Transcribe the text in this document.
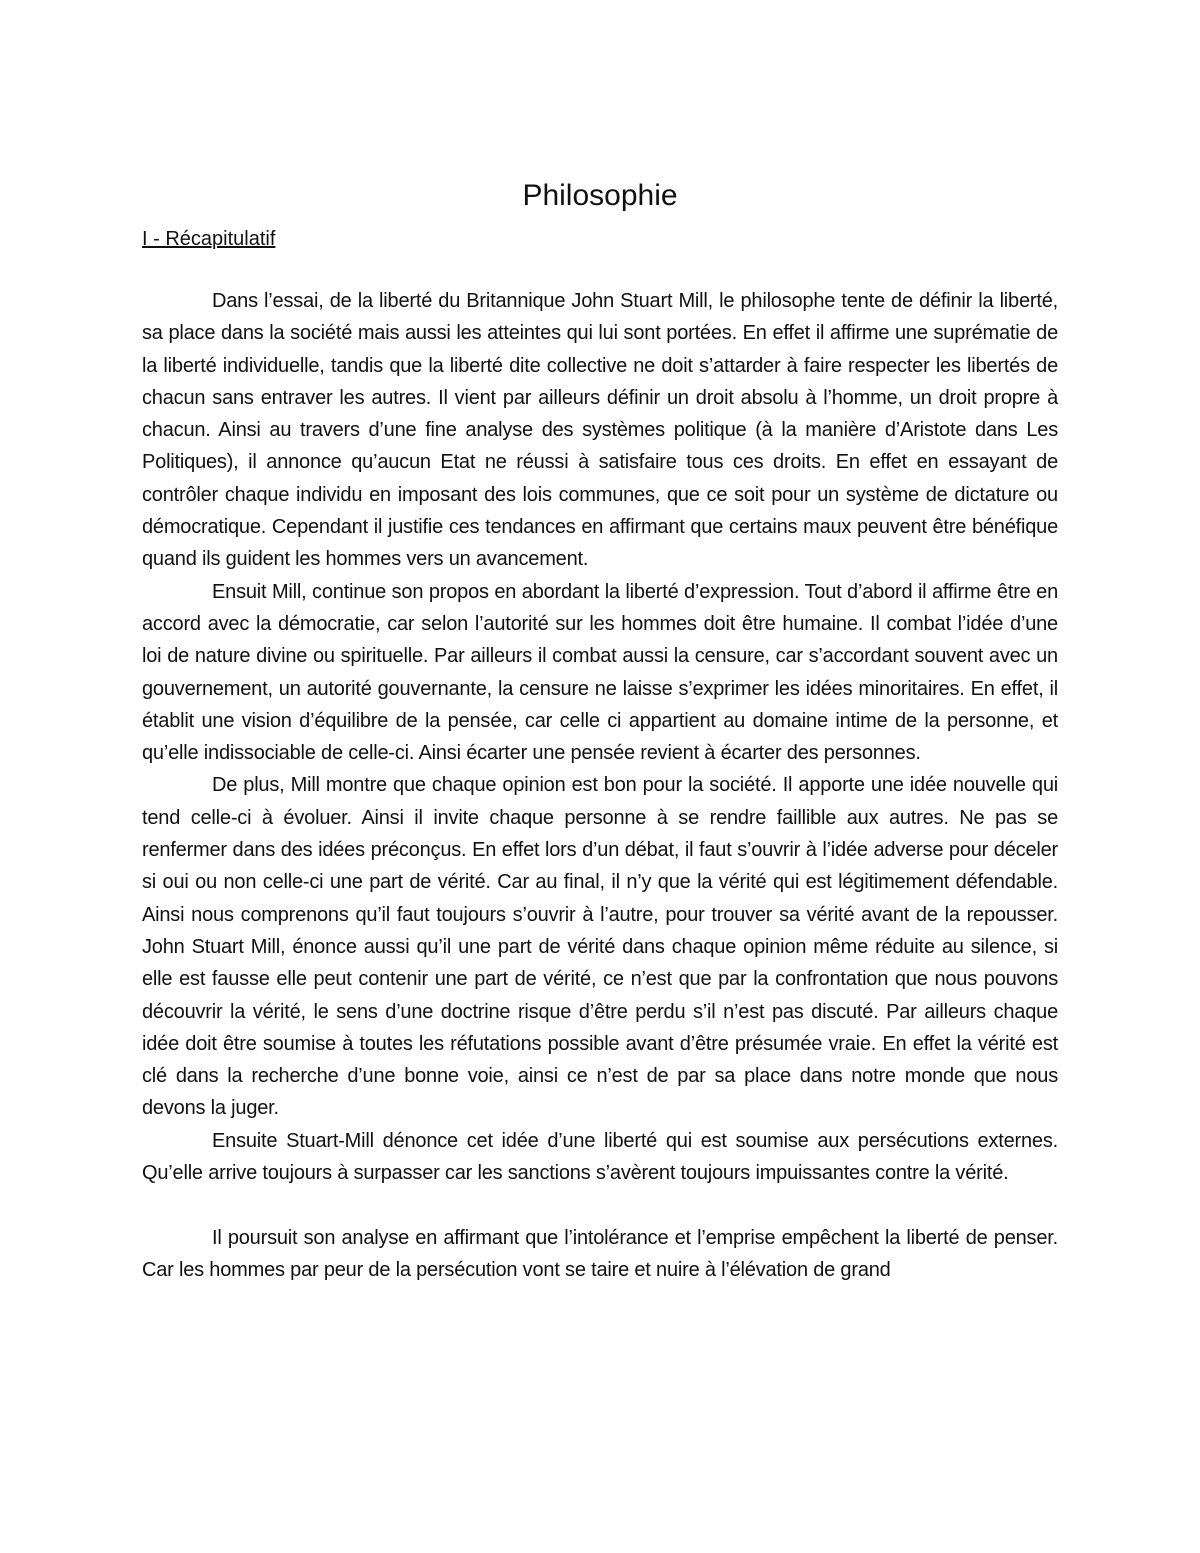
Philosophie
I - Récapitulatif

Dans l’essai, de la liberté du Britannique John Stuart Mill, le philosophe tente de définir la liberté, sa place dans la société mais aussi les atteintes qui lui sont portées. En effet il affirme une suprématie de la liberté individuelle, tandis que la liberté dite collective ne doit s’attarder à faire respecter les libertés de chacun sans entraver les autres. Il vient par ailleurs définir un droit absolu à l’homme, un droit propre à chacun. Ainsi au travers d’une fine analyse des systèmes politique (à la manière d’Aristote dans Les Politiques), il annonce qu’aucun Etat ne réussi à satisfaire tous ces droits. En effet en essayant de contrôler chaque individu en imposant des lois communes, que ce soit pour un système de dictature ou démocratique. Cependant il justifie ces tendances en affirmant que certains maux peuvent être bénéfique quand ils guident les hommes vers un avancement.

Ensuit Mill, continue son propos en abordant la liberté d’expression. Tout d’abord il affirme être en accord avec la démocratie, car selon l’autorité sur les hommes doit être humaine. Il combat l’idée d’une loi de nature divine ou spirituelle. Par ailleurs il combat aussi la censure, car s’accordant souvent avec un gouvernement, un autorité gouvernante, la censure ne laisse s’exprimer les idées minoritaires. En effet, il établit une vision d’équilibre de la pensée, car celle ci appartient au domaine intime de la personne, et qu’elle indissociable de celle-ci. Ainsi écarter une pensée revient à écarter des personnes.

De plus, Mill montre que chaque opinion est bon pour la société. Il apporte une idée nouvelle qui tend celle-ci à évoluer. Ainsi il invite chaque personne à se rendre faillible aux autres. Ne pas se renfermer dans des idées préconçus. En effet lors d’un débat, il faut s’ouvrir à l’idée adverse pour déceler si oui ou non celle-ci une part de vérité. Car au final, il n’y que la vérité qui est légitimement défendable. Ainsi nous comprenons qu’il faut toujours s’ouvrir à l’autre, pour trouver sa vérité avant de la repousser. John Stuart Mill, énonce aussi qu’il une part de vérité dans chaque opinion même réduite au silence, si elle est fausse elle peut contenir une part de vérité, ce n’est que par la confrontation que nous pouvons découvrir la vérité, le sens d’une doctrine risque d’être perdu s’il n’est pas discuté. Par ailleurs chaque idée doit être soumise à toutes les réfutations possible avant d’être présumée vraie. En effet la vérité est clé dans la recherche d’une bonne voie, ainsi ce n’est de par sa place dans notre monde que nous devons la juger.

Ensuite Stuart-Mill dénonce cet idée d’une liberté qui est soumise aux persécutions externes. Qu’elle arrive toujours à surpasser car les sanctions s’avèrent toujours impuissantes contre la vérité.

Il poursuit son analyse en affirmant que l’intolérance et l’emprise empêchent la liberté de penser. Car les hommes par peur de la persécution vont se taire et nuire à l’élévation de grand
